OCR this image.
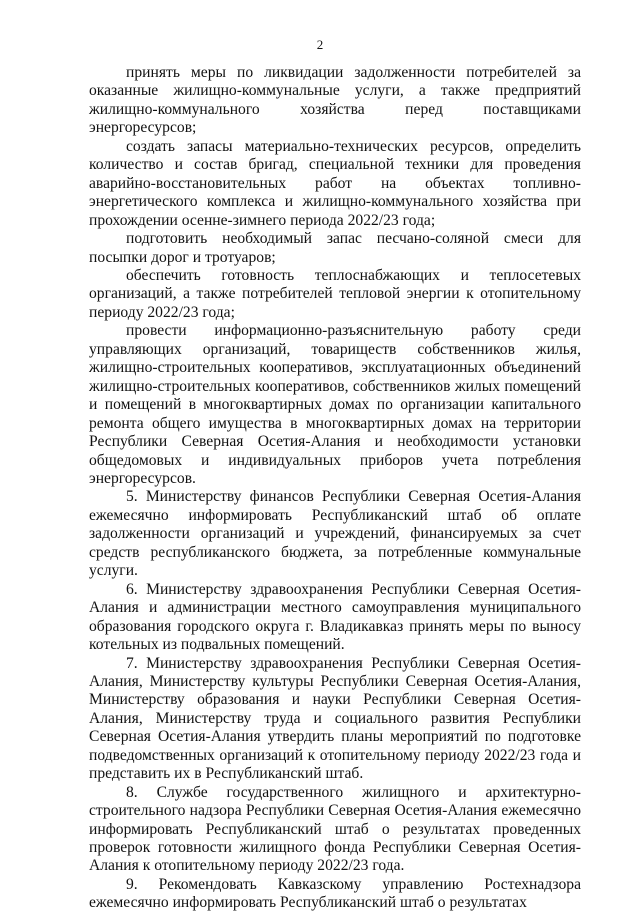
2

принять меры по ликвидации задолженности потребителей за оказанные жилищно-коммунальные услуги, а также предприятий жилищно-коммунального хозяйства перед поставщиками энергоресурсов;

создать запасы материально-технических ресурсов, определить количество и состав бригад, специальной техники для проведения аварийно-восстановительных работ на объектах топливно-энергетического комплекса и жилищно-коммунального хозяйства при прохождении осенне-зимнего периода 2022/23 года;

подготовить необходимый запас песчано-соляной смеси для посыпки дорог и тротуаров;

обеспечить готовность теплоснабжающих и теплосетевых организаций, а также потребителей тепловой энергии к отопительному периоду 2022/23 года;

провести информационно-разъяснительную работу среди управляющих организаций, товариществ собственников жилья, жилищно-строительных кооперативов, эксплуатационных объединений жилищно-строительных кооперативов, собственников жилых помещений и помещений в многоквартирных домах по организации капитального ремонта общего имущества в многоквартирных домах на территории Республики Северная Осетия-Алания и необходимости установки общедомовых и индивидуальных приборов учета потребления энергоресурсов.

5. Министерству финансов Республики Северная Осетия-Алания ежемесячно информировать Республиканский штаб об оплате задолженности организаций и учреждений, финансируемых за счет средств республиканского бюджета, за потребленные коммунальные услуги.

6. Министерству здравоохранения Республики Северная Осетия-Алания и администрации местного самоуправления муниципального образования городского округа г. Владикавказ принять меры по выносу котельных из подвальных помещений.

7. Министерству здравоохранения Республики Северная Осетия-Алания, Министерству культуры Республики Северная Осетия-Алания, Министерству образования и науки Республики Северная Осетия-Алания, Министерству труда и социального развития Республики Северная Осетия-Алания утвердить планы мероприятий по подготовке подведомственных организаций к отопительному периоду 2022/23 года и представить их в Республиканский штаб.

8. Службе государственного жилищного и архитектурно-строительного надзора Республики Северная Осетия-Алания ежемесячно информировать Республиканский штаб о результатах проведенных проверок готовности жилищного фонда Республики Северная Осетия-Алания к отопительному периоду 2022/23 года.

9. Рекомендовать Кавказскому управлению Ростехнадзора ежемесячно информировать Республиканский штаб о результатах
